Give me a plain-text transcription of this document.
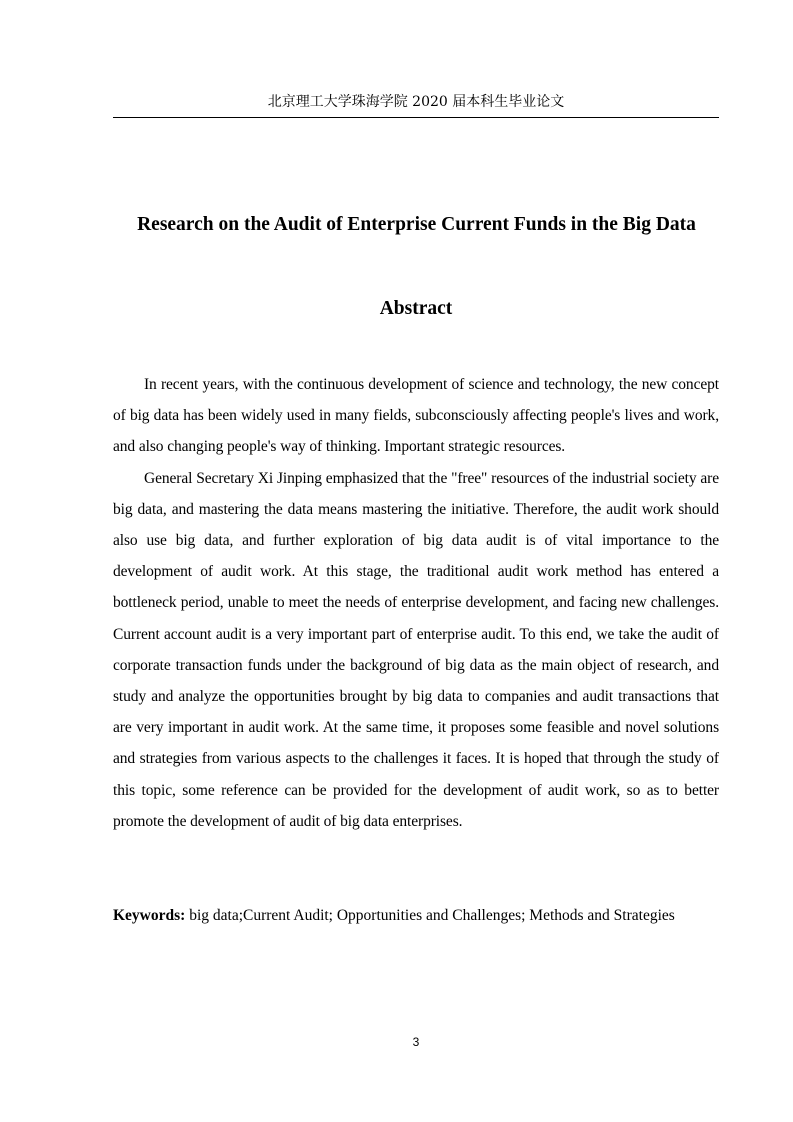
北京理工大学珠海学院 2020 届本科生毕业论文
Research on the Audit of Enterprise Current Funds in the Big Data
Abstract

In recent years, with the continuous development of science and technology, the new concept of big data has been widely used in many fields, subconsciously affecting people's lives and work, and also changing people's way of thinking. Important strategic resources.

General Secretary Xi Jinping emphasized that the "free" resources of the industrial society are big data, and mastering the data means mastering the initiative. Therefore, the audit work should also use big data, and further exploration of big data audit is of vital importance to the development of audit work. At this stage, the traditional audit work method has entered a bottleneck period, unable to meet the needs of enterprise development, and facing new challenges. Current account audit is a very important part of enterprise audit. To this end, we take the audit of corporate transaction funds under the background of big data as the main object of research, and study and analyze the opportunities brought by big data to companies and audit transactions that are very important in audit work. At the same time, it proposes some feasible and novel solutions and strategies from various aspects to the challenges it faces. It is hoped that through the study of this topic, some reference can be provided for the development of audit work, so as to better promote the development of audit of big data enterprises.

Keywords: big data;Current Audit; Opportunities and Challenges; Methods and Strategies
3
